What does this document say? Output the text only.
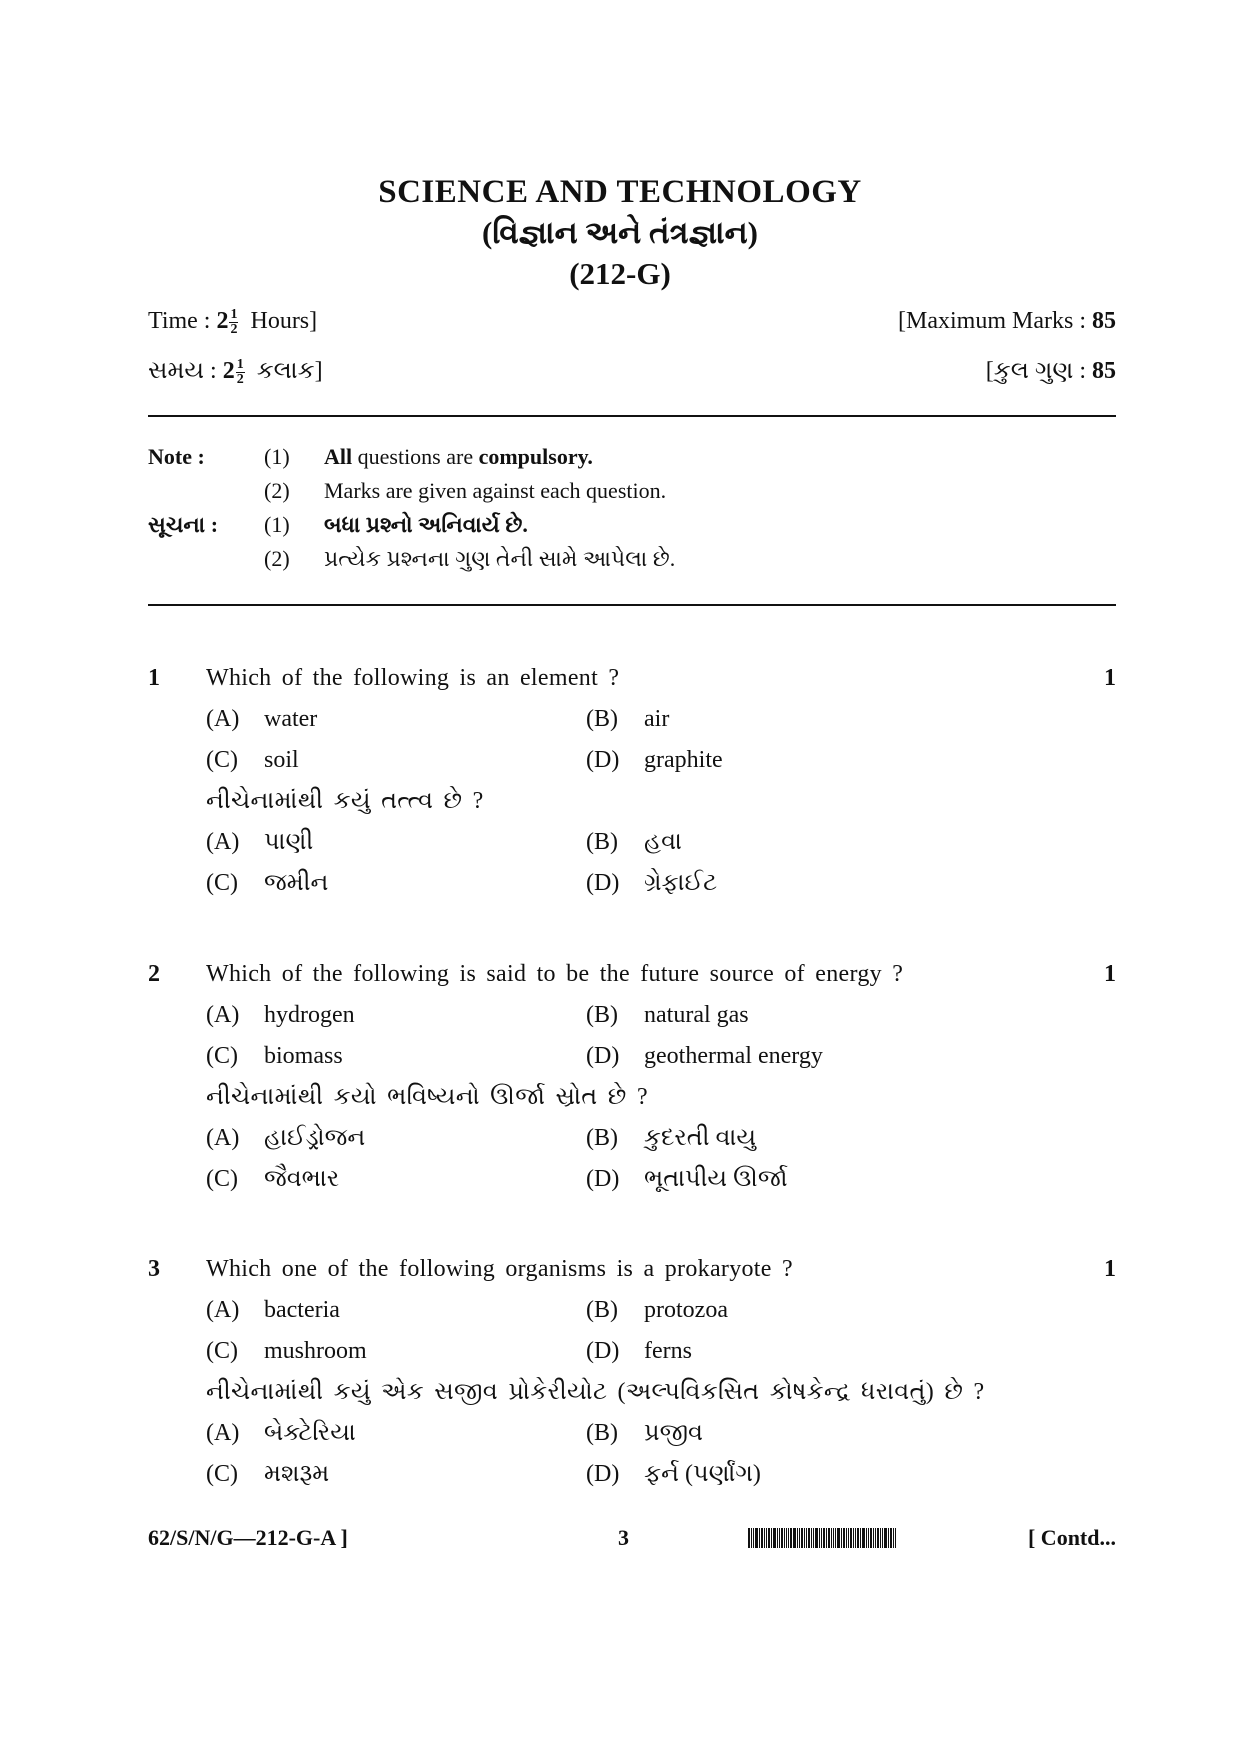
SCIENCE AND TECHNOLOGY
(વિજ્ઞાન અને તંત્રજ્ઞાન)
(212-G)
Time : $2 \frac{1}{2}$ Hours]	[Maximum Marks : 85
સમય : $2 \frac{1}{2}$ કલાક]	[કુલ ગુણ : 85
Note :	(1) All questions are compulsory.
(2) Marks are given against each question.
સૂચના : (1) બધા પ્રશ્નો અનિવાર્ય છે.
(2) પ્રત્યેક પ્રશ્નના ગુણ તેની સામે આપેલા છે.
1 Which of the following is an element ?	1
(A) water	(B) air
(C) soil	(D) graphite
નીચેનામાંથી કયું તત્ત્વ છે ?
(A) પાણી	(B) હવા
(C) જમીન	(D) ગ્રેફાઈટ
2 Which of the following is said to be the future source of energy ?	1
(A) hydrogen	(B) natural gas
(C) biomass	(D) geothermal energy
નીચેનામાંથી કયો ભવિષ્યનો ઊર્જા સ્રોત છે ?
(A) હાઈડ્રોજન	(B) કુદરતી વાયુ
(C) જૈવભાર	(D) ભૂતાપીય ઊર્જા
3 Which one of the following organisms is a prokaryote ?	1
(A) bacteria	(B) protozoa
(C) mushroom	(D) ferns
નીચેનામાંથી કયું એક સજીવ પ્રોકેરીયોટ (અલ્પવિકસિત કોષકેન્દ્ર ધરાવતું) છે ?
(A) બેક્ટેરિયા	(B) પ્રજીવ
(C) મશરૂમ	(D) ફર્ન (પર્ણાંગ)
62/S/N/G—212-G-A ]	3	[ Contd...
